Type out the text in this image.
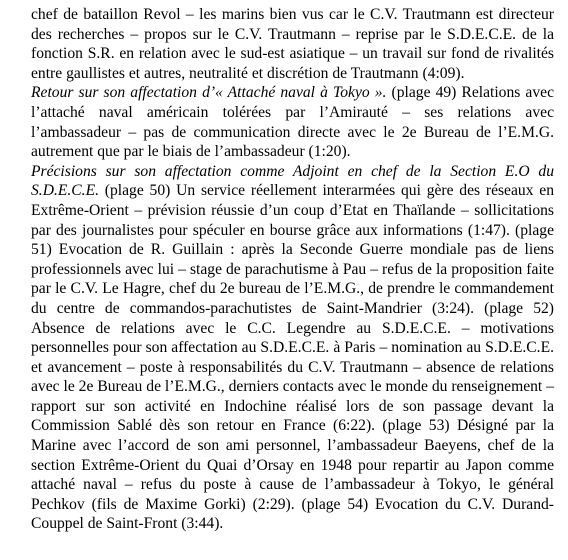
chef de bataillon Revol – les marins bien vus car le C.V. Trautmann est directeur des recherches – propos sur le C.V. Trautmann – reprise par le S.D.E.C.E. de la fonction S.R. en relation avec le sud-est asiatique – un travail sur fond de rivalités entre gaullistes et autres, neutralité et discrétion de Trautmann (4:09).

Retour sur son affectation d’« Attaché naval à Tokyo ». (plage 49) Relations avec l’attaché naval américain tolérées par l’Amirauté – ses relations avec l’ambassadeur – pas de communication directe avec le 2e Bureau de l’E.M.G. autrement que par le biais de l’ambassadeur (1:20).

Précisions sur son affectation comme Adjoint en chef de la Section E.O du S.D.E.C.E. (plage 50) Un service réellement interarmées qui gère des réseaux en Extrême-Orient – prévision réussie d’un coup d’Etat en Thaïlande – sollicitations par des journalistes pour spéculer en bourse grâce aux informations (1:47). (plage 51) Evocation de R. Guillain : après la Seconde Guerre mondiale pas de liens professionnels avec lui – stage de parachutisme à Pau – refus de la proposition faite par le C.V. Le Hagre, chef du 2e bureau de l’E.M.G., de prendre le commandement du centre de commandos-parachutistes de Saint-Mandrier (3:24). (plage 52) Absence de relations avec le C.C. Legendre au S.D.E.C.E. – motivations personnelles pour son affectation au S.D.E.C.E. à Paris – nomination au S.D.E.C.E. et avancement – poste à responsabilités du C.V. Trautmann – absence de relations avec le 2e Bureau de l’E.M.G., derniers contacts avec le monde du renseignement – rapport sur son activité en Indochine réalisé lors de son passage devant la Commission Sablé dès son retour en France (6:22). (plage 53) Désigné par la Marine avec l’accord de son ami personnel, l’ambassadeur Baeyens, chef de la section Extrême-Orient du Quai d’Orsay en 1948 pour repartir au Japon comme attaché naval – refus du poste à cause de l’ambassadeur à Tokyo, le général Pechkov (fils de Maxime Gorki) (2:29). (plage 54) Evocation du C.V. Durand-Couppel de Saint-Front (3:44).
